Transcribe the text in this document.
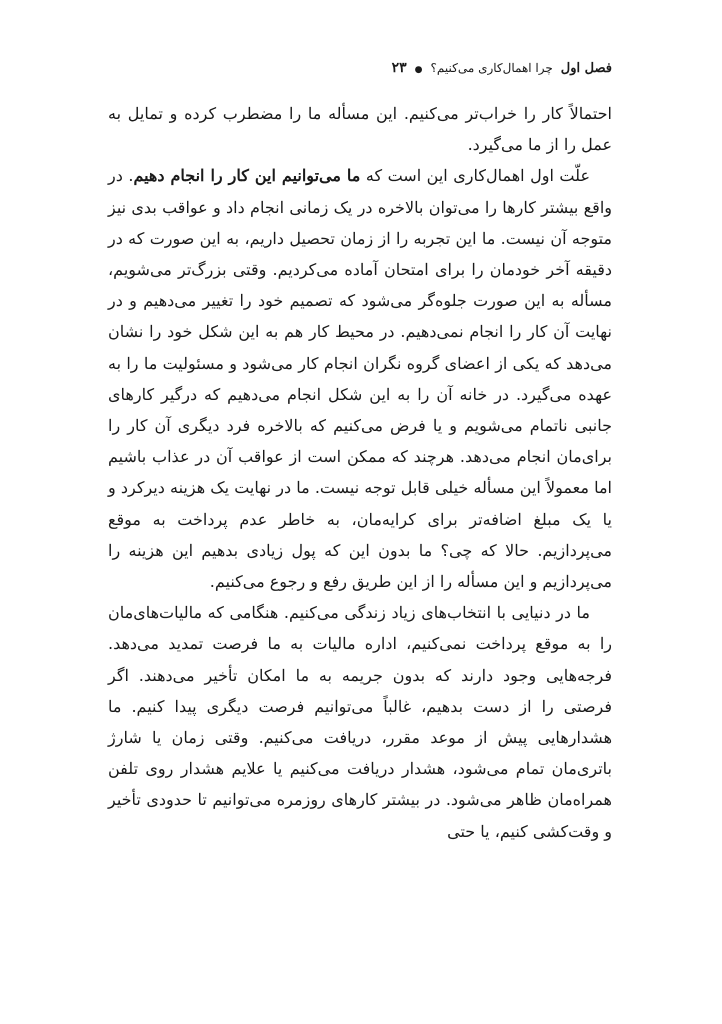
فصل اول
چرا اهمال‌کاری می‌کنیم؟
●
۲۳

احتمالاً کار را خراب‌تر می‌کنیم. این مسأله ما را مضطرب کرده و تمایل به عمل را از ما می‌گیرد.

علّت اول اهمال‌کاری این است که ما می‌توانیم این کار را انجام دهیم. در واقع بیشتر کارها را می‌توان بالاخره در یک زمانی انجام داد و عواقب بدی نیز متوجه آن نیست. ما این تجربه را از زمان تحصیل داریم، به این صورت که در دقیقه آخر خودمان را برای امتحان آماده می‌کردیم. وقتی بزرگ‌تر می‌شویم، مسأله به این صورت جلوه‌گر می‌شود که تصمیم خود را تغییر می‌دهیم و در نهایت آن کار را انجام نمی‌دهیم. در محیط کار هم به این شکل خود را نشان می‌دهد که یکی از اعضای گروه نگران انجام کار می‌شود و مسئولیت ما را به عهده می‌گیرد. در خانه آن را به این شکل انجام می‌دهیم که درگیر کارهای جانبی ناتمام می‌شویم و یا فرض می‌کنیم که بالاخره فرد دیگری آن کار را برای‌مان انجام می‌دهد. هرچند که ممکن است از عواقب آن در عذاب باشیم اما معمولاً این مسأله خیلی قابل توجه نیست. ما در نهایت یک هزینه دیرکرد و یا یک مبلغ اضافه‌تر برای کرایه‌مان، به خاطر عدم پرداخت به موقع می‌پردازیم. حالا که چی؟ ما بدون این که پول زیادی بدهیم این هزینه را می‌پردازیم و این مسأله را از این طریق رفع و رجوع می‌کنیم.

ما در دنیایی با انتخاب‌های زیاد زندگی می‌کنیم. هنگامی که مالیات‌های‌مان را به موقع پرداخت نمی‌کنیم، اداره مالیات به ما فرصت تمدید می‌دهد. فرجه‌هایی وجود دارند که بدون جریمه به ما امکان تأخیر می‌دهند. اگر فرصتی را از دست بدهیم، غالباً می‌توانیم فرصت دیگری پیدا کنیم. ما هشدارهایی پیش از موعد مقرر، دریافت می‌کنیم. وقتی زمان یا شارژ باتری‌مان تمام می‌شود، هشدار دریافت می‌کنیم یا علایم هشدار روی تلفن همراه‌مان ظاهر می‌شود. در بیشتر کارهای روزمره می‌توانیم تا حدودی تأخیر و وقت‌کشی کنیم، یا حتی
